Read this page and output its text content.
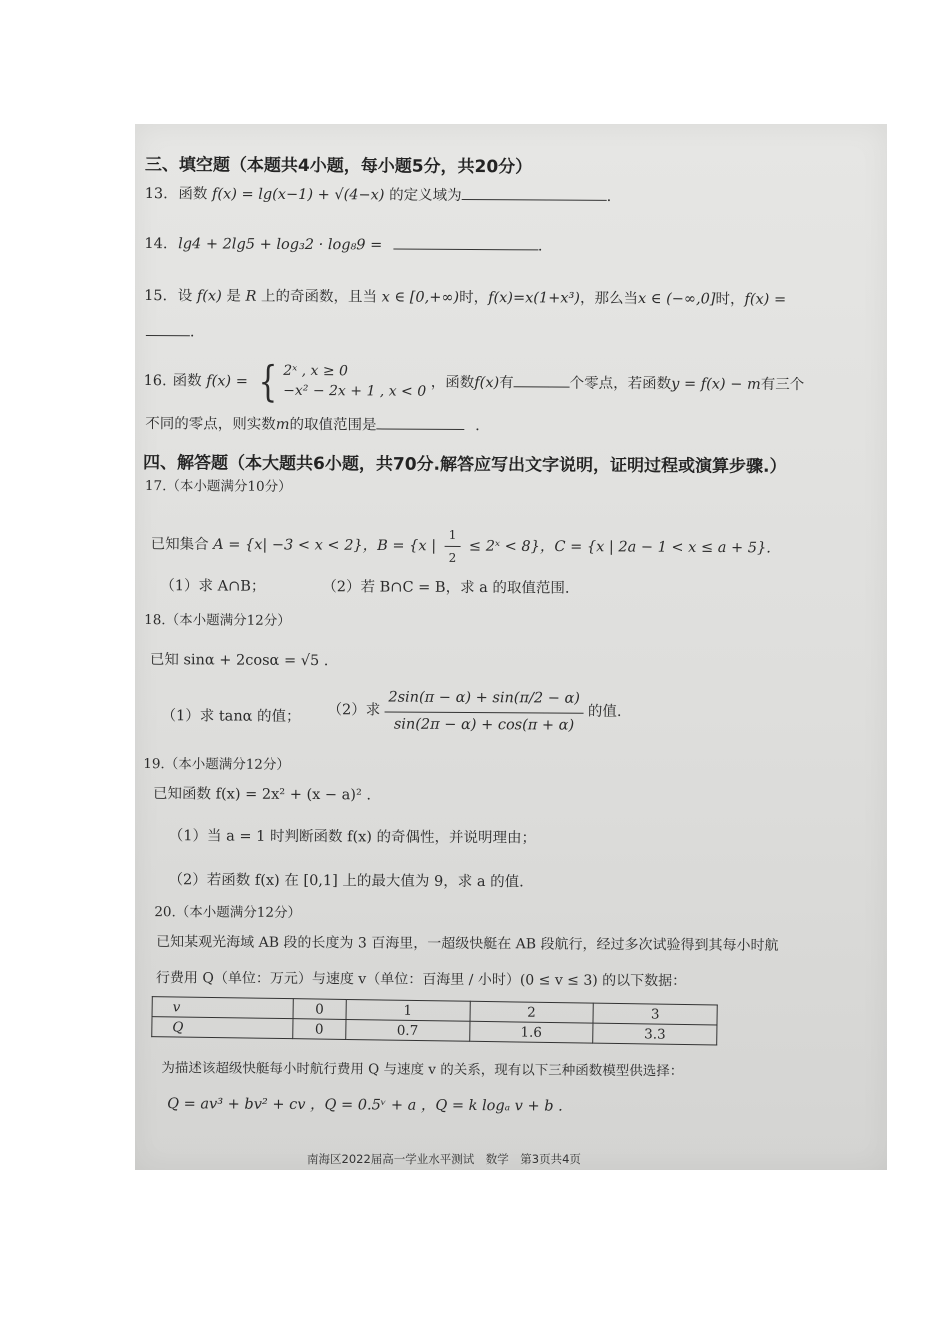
三、填空题（本题共4小题，每小题5分，共20分）
13. 函数 f(x) = lg(x−1) + √(4−x) 的定义域为	.
14. lg4 + 2lg5 + log₃2 · log₈9 =	.
15. 设 f(x) 是 R 上的奇函数，且当 x ∈ [0,+∞)时，f(x)=x(1+x³)，那么当x ∈ (−∞,0]时，f(x) =
.
16. 函数 f(x) = { 2ˣ , x ≥ 0
−x² − 2x + 1 , x < 0 ，函数f(x)有	个零点，若函数y = f(x) − m有三个
不同的零点，则实数m的取值范围是	.
四、解答题（本大题共6小题，共70分.解答应写出文字说明，证明过程或演算步骤.）
17.（本小题满分10分）
已知集合 A = {x| −3 < x < 2}，B = {x | $\frac{1}{2}$ ≤ 2ˣ < 8}，C = {x | 2a − 1 < x ≤ a + 5}.
（1）求 A∩B；	（2）若 B∩C = B，求 a 的取值范围.
18.（本小题满分12分）
已知 sinα + 2cosα = √5 .
（1）求 tanα 的值； （2）求 $\frac{2\sin(\pi - \alpha) + \sin(\pi/2 - \alpha)}{\sin(2\pi - \alpha) + \cos(\pi + \alpha)}$ 的值.
19.（本小题满分12分）
已知函数 f(x) = 2x² + (x − a)² .
（1）当 a = 1 时判断函数 f(x) 的奇偶性，并说明理由；
（2）若函数 f(x) 在 [0,1] 上的最大值为 9，求 a 的值.
20.（本小题满分12分）
已知某观光海域 AB 段的长度为 3 百海里，一超级快艇在 AB 段航行，经过多次试验得到其每小时航
行费用 Q（单位：万元）与速度 v（单位：百海里 / 小时）(0 ≤ v ≤ 3) 的以下数据：
v	0	1	2	3
Q	0	0.7	1.6	3.3
为描述该超级快艇每小时航行费用 Q 与速度 v 的关系，现有以下三种函数模型供选择：
Q = av³ + bv² + cv ，Q = 0.5ᵛ + a ，Q = k logₐ v + b .
南海区2022届高一学业水平测试　数学　第3页共4页
